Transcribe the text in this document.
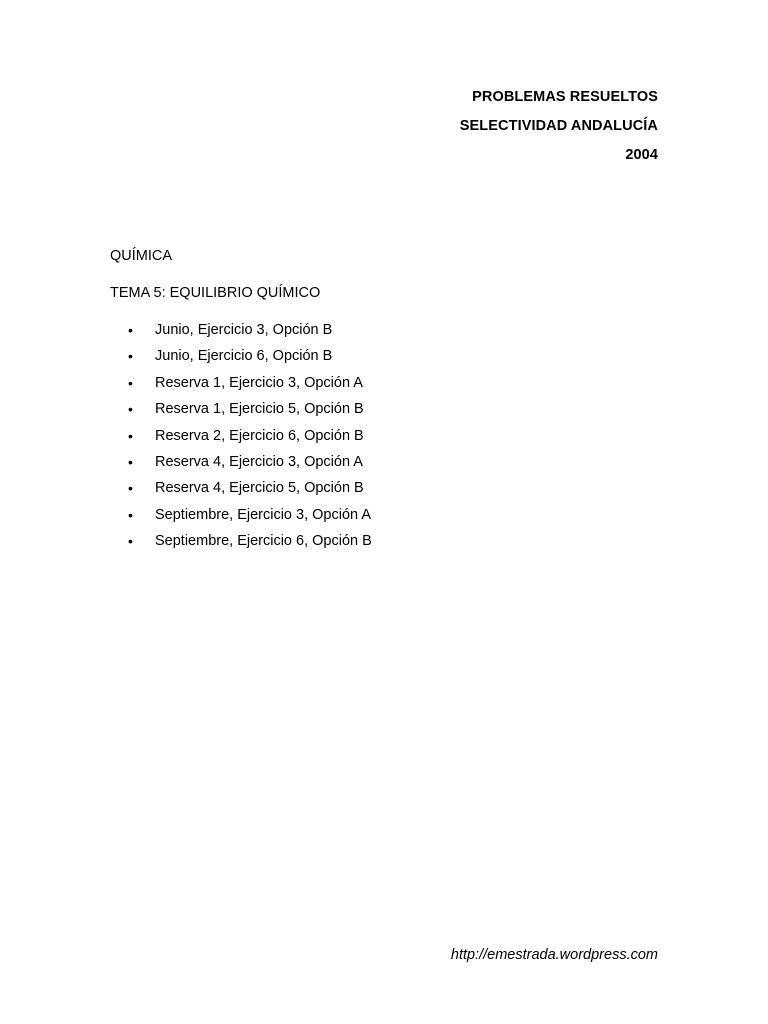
PROBLEMAS RESUELTOS
SELECTIVIDAD ANDALUCÍA
2004
QUÍMICA
TEMA 5: EQUILIBRIO QUÍMICO
•	Junio, Ejercicio 3, Opción B
•	Junio, Ejercicio 6, Opción B
•	Reserva 1, Ejercicio 3, Opción A
•	Reserva 1, Ejercicio 5, Opción B
•	Reserva 2, Ejercicio 6, Opción B
•	Reserva 4, Ejercicio 3, Opción A
•	Reserva 4, Ejercicio 5, Opción B
•	Septiembre, Ejercicio 3, Opción A
•	Septiembre, Ejercicio 6, Opción B
http://emestrada.wordpress.com
